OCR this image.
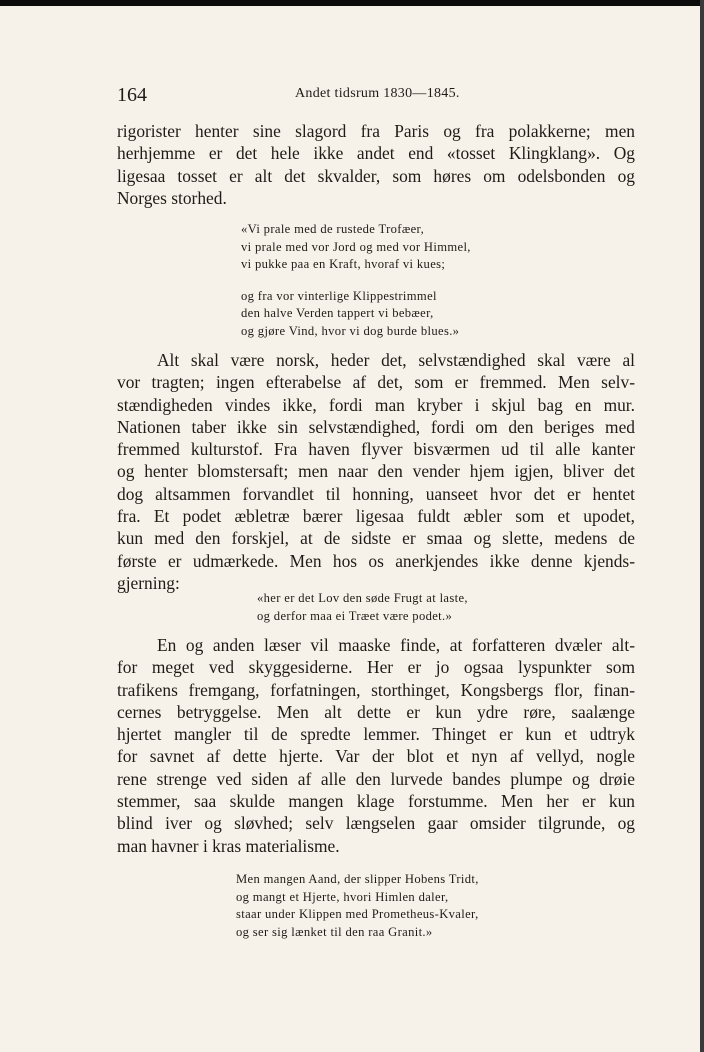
164	Andet tidsrum 1830—1845.
rigorister henter sine slagord fra Paris og fra polakkerne; men
herhjemme er det hele ikke andet end «tosset Klingklang». Og
ligesaa tosset er alt det skvalder, som høres om odelsbonden og
Norges storhed.
«Vi prale med de rustede Trofæer,
vi prale med vor Jord og med vor Himmel,
vi pukke paa en Kraft, hvoraf vi kues;
og fra vor vinterlige Klippestrimmel
den halve Verden tappert vi bebæer,
og gjøre Vind, hvor vi dog burde blues.»
Alt skal være norsk, heder det, selvstændighed skal være al
vor tragten; ingen efterabelse af det, som er fremmed. Men selv-
stændigheden vindes ikke, fordi man kryber i skjul bag en mur.
Nationen taber ikke sin selvstændighed, fordi om den beriges med
fremmed kulturstof. Fra haven flyver bisværmen ud til alle kanter
og henter blomstersaft; men naar den vender hjem igjen, bliver det
dog altsammen forvandlet til honning, uanseet hvor det er hentet
fra. Et podet æbletræ bærer ligesaa fuldt æbler som et upodet,
kun med den forskjel, at de sidste er smaa og slette, medens de
første er udmærkede. Men hos os anerkjendes ikke denne kjends-
gjerning:
«her er det Lov den søde Frugt at laste,
og derfor maa ei Træet være podet.»
En og anden læser vil maaske finde, at forfatteren dvæler alt-
for meget ved skyggesiderne. Her er jo ogsaa lyspunkter som
trafikens fremgang, forfatningen, storthinget, Kongsbergs flor, finan-
cernes betryggelse. Men alt dette er kun ydre røre, saalænge
hjertet mangler til de spredte lemmer. Thinget er kun et udtryk
for savnet af dette hjerte. Var der blot et nyn af vellyd, nogle
rene strenge ved siden af alle den lurvede bandes plumpe og drøie
stemmer, saa skulde mangen klage forstumme. Men her er kun
blind iver og sløvhed; selv længselen gaar omsider tilgrunde, og
man havner i kras materialisme.
Men mangen Aand, der slipper Hobens Tridt,
og mangt et Hjerte, hvori Himlen daler,
staar under Klippen med Prometheus-Kvaler,
og ser sig lænket til den raa Granit.»
